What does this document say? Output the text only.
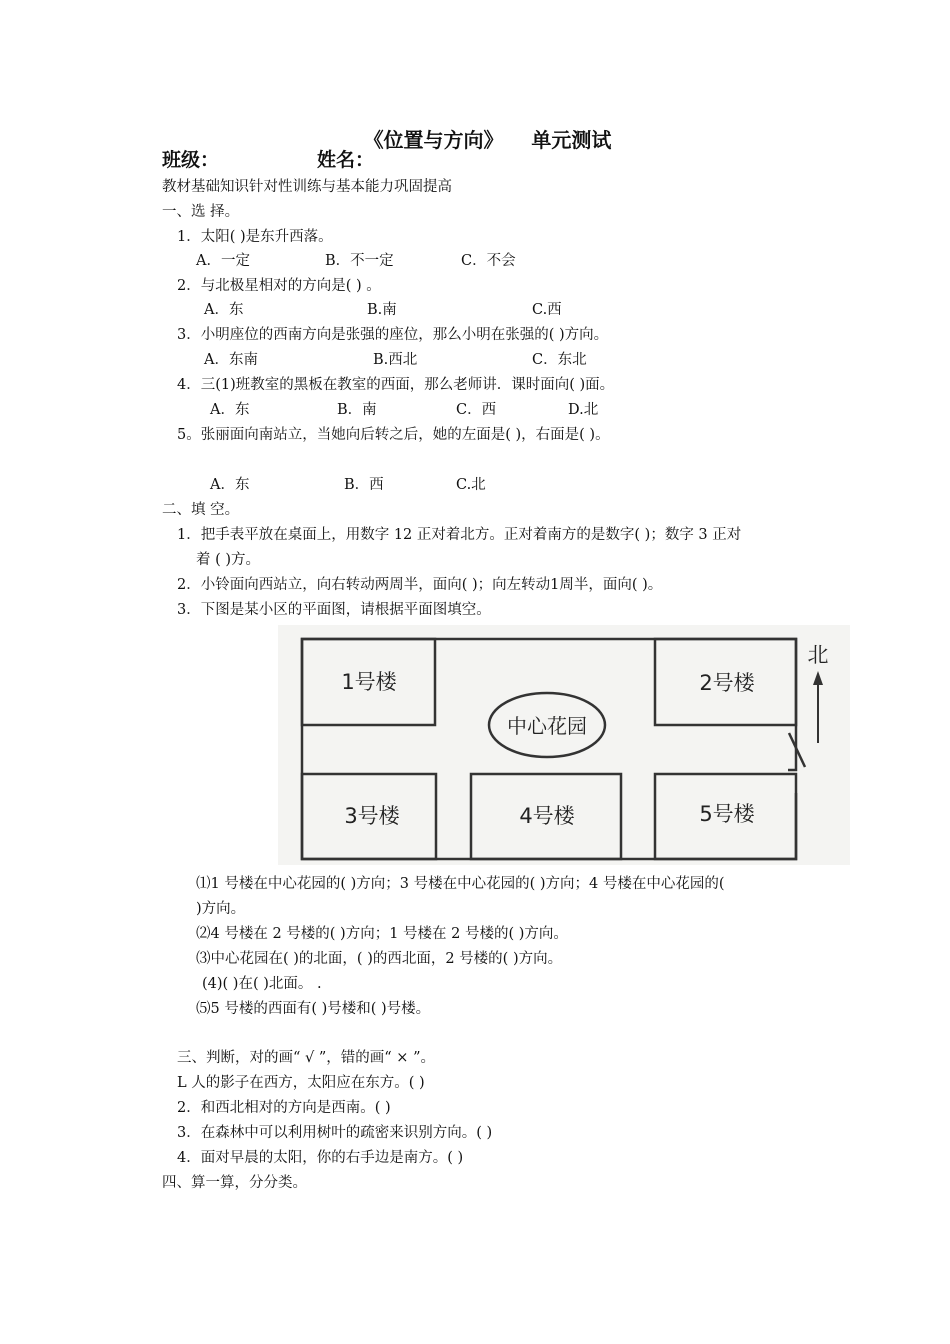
《位置与方向》    单元测试
班级：	姓名：
教材基础知识针对性训练与基本能力巩固提高
一、选 择。
1．太阳( )是东升西落。
A．一定	B．不一定	C．不会
2．与北极星相对的方向是( ) 。
A．东	B.南	C.西
3．小明座位的西南方向是张强的座位，那么小明在张强的( )方向。
A．东南	B.西北	C．东北
4．三(1)班教室的黑板在教室的西面，那么老师讲．课时面向( )面。
A．东	B．南	C．西	D.北
5。张丽面向南站立，当她向后转之后，她的左面是( )，右面是( )。
A．东	B．西	C.北
二、填 空。
1．把手表平放在桌面上，用数字 12 正对着北方。正对着南方的是数字( )；数字 3 正对
着 ( )方。
2．小铃面向西站立，向右转动两周半，面向( )；向左转动1周半，面向( )。
3．下图是某小区的平面图，请根据平面图填空。
1号楼	2号楼
3号楼	4号楼	5号楼
中心花园
北
⑴1 号楼在中心花园的( )方向；3 号楼在中心花园的( )方向；4 号楼在中心花园的(
)方向。
⑵4 号楼在 2 号楼的( )方向；1 号楼在 2 号楼的( )方向。
⑶中心花园在( )的北面，( )的西北面，2 号楼的( )方向。
(4)( )在( )北面。 .
⑸5 号楼的西面有( )号楼和( )号楼。
三、判断，对的画“ √ ”，错的画“ × ”。
L 人的影子在西方，太阳应在东方。( )
2．和西北相对的方向是西南。( )
3．在森林中可以利用树叶的疏密来识别方向。( )
4．面对早晨的太阳，你的右手边是南方。( )
四、算一算，分分类。
